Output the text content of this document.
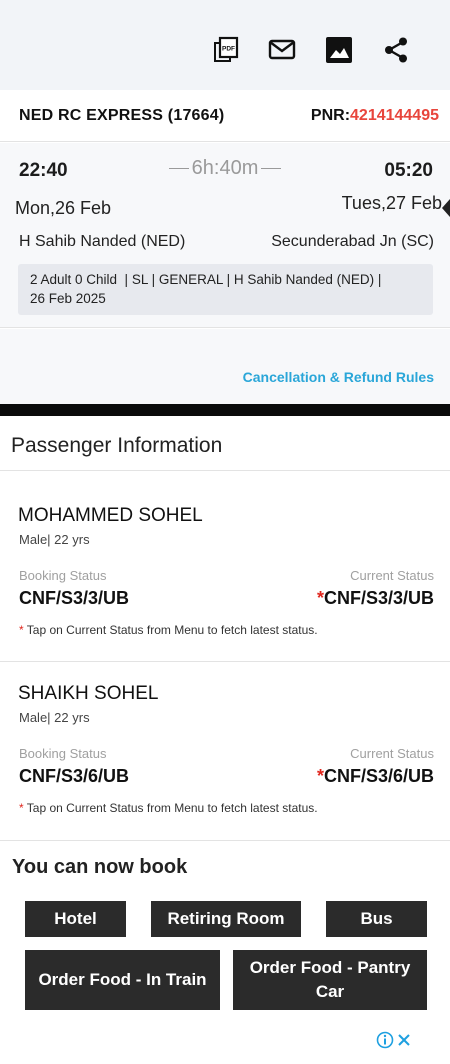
PDF
NED RC EXPRESS (17664)	PNR:4214144495
22:40	6h:40m	05:20
Mon,26 Feb	Tues,27 Feb
H Sahib Nanded (NED)	Secunderabad Jn (SC)
2 Adult 0 Child  | SL | GENERAL | H Sahib Nanded (NED) |
26 Feb 2025
Cancellation & Refund Rules
Passenger Information
MOHAMMED SOHEL
Male| 22 yrs
Booking Status	Current Status
CNF/S3/3/UB	*CNF/S3/3/UB
* Tap on Current Status from Menu to fetch latest status.
SHAIKH SOHEL
Male| 22 yrs
Booking Status	Current Status
CNF/S3/6/UB	*CNF/S3/6/UB
* Tap on Current Status from Menu to fetch latest status.
You can now book
Hotel	Retiring Room	Bus
Order Food - In Train
Order Food - Pantry Car
